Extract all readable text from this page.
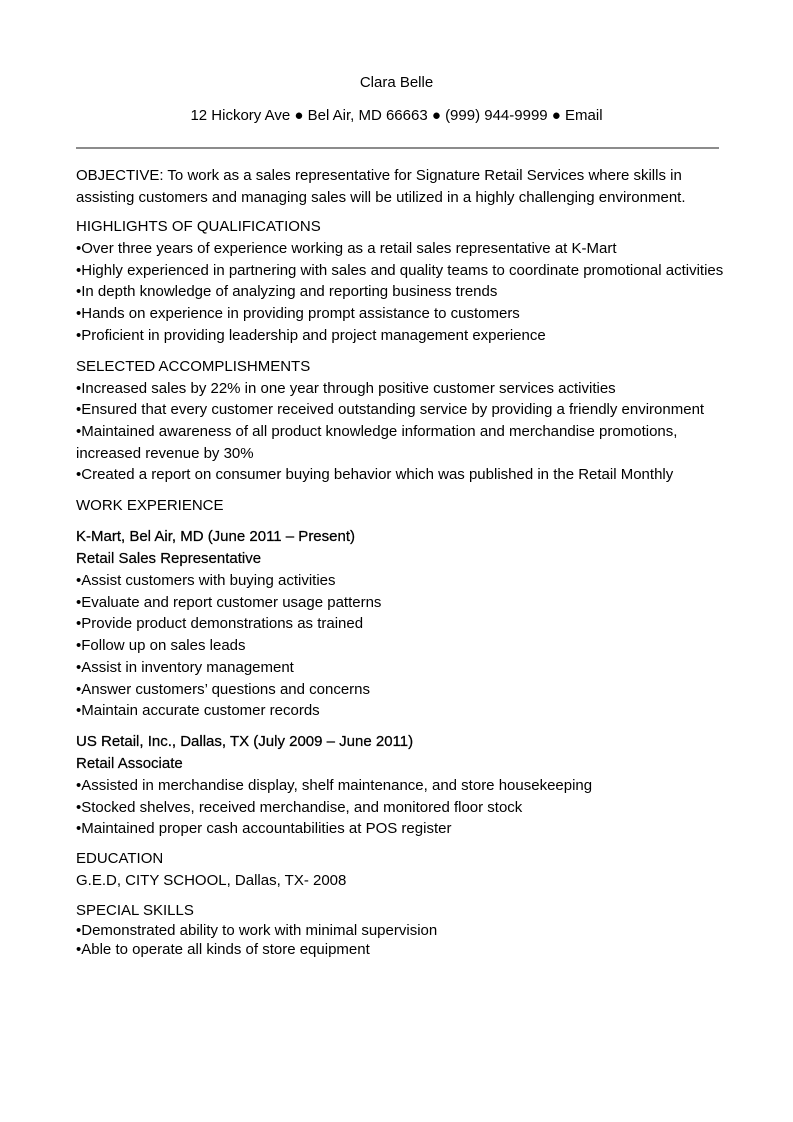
Clara Belle
12 Hickory Ave ● Bel Air, MD 66663 ● (999) 944-9999 ● Email

OBJECTIVE: To work as a sales representative for Signature Retail Services where skills in assisting customers and managing sales will be utilized in a highly challenging environment.

HIGHLIGHTS OF QUALIFICATIONS

•Over three years of experience working as a retail sales representative at K-Mart
•Highly experienced in partnering with sales and quality teams to coordinate promotional activities
•In depth knowledge of analyzing and reporting business trends
•Hands on experience in providing prompt assistance to customers
•Proficient in providing leadership and project management experience

SELECTED ACCOMPLISHMENTS

•Increased sales by 22% in one year through positive customer services activities
•Ensured that every customer received outstanding service by providing a friendly environment
•Maintained awareness of all product knowledge information and merchandise promotions, increased revenue by 30%
•Created a report on consumer buying behavior which was published in the Retail Monthly

WORK EXPERIENCE

K-Mart, Bel Air, MD (June 2011 – Present)

Retail Sales Representative

•Assist customers with buying activities
•Evaluate and report customer usage patterns
•Provide product demonstrations as trained
•Follow up on sales leads
•Assist in inventory management
•Answer customers’ questions and concerns
•Maintain accurate customer records

US Retail, Inc., Dallas, TX (July 2009 – June 2011)

Retail Associate

•Assisted in merchandise display, shelf maintenance, and store housekeeping
•Stocked shelves, received merchandise, and monitored floor stock
•Maintained proper cash accountabilities at POS register

EDUCATION

G.E.D, CITY SCHOOL, Dallas, TX- 2008

SPECIAL SKILLS

•Demonstrated ability to work with minimal supervision
•Able to operate all kinds of store equipment
